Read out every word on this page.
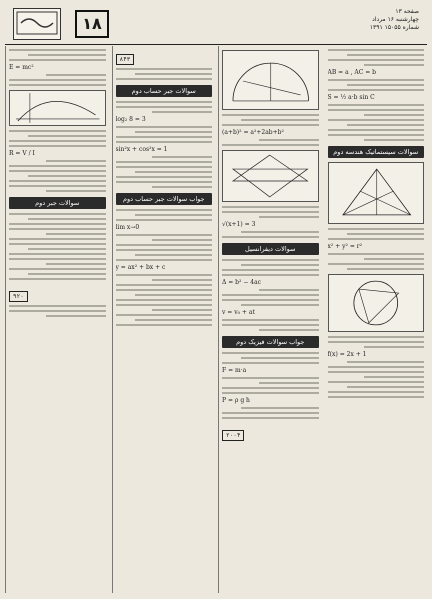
۱۸
صفحه ۱۳
چهارشنبه ۱۶ مرداد
۱۳۹۱ شماره ۱۵۰۵۵
AB = a , AC = b
S = ½ a·b sin C
سوالات سیستماتیک هندسه دوم
x² + y² = r²
f(x) = 2x + 1
(a+b)² = a²+2ab+b²
√(x+1) = 3
سوالات دیفرانسیل
Δ = b² − 4ac
v = v₀ + at
جواب سوالات فیزیک دوم
F = m·a
P = ρ g h
۲۰۰۴
۸۴۳
سوالات جبر حساب دوم
log₂ 8 = 3
sin²x + cos²x = 1
جواب سوالات جبر حساب دوم
lim x→0
y = ax² + bx + c
E = mc²
R = V / I
سوالات جبر دوم
۹۲۰
